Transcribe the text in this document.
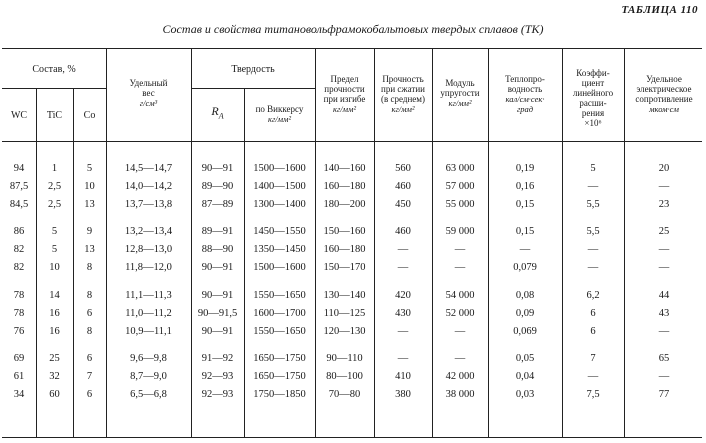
ТАБЛИЦА 110
Состав и свойства титановольфрамокобальтовых твердых сплавов (ТК)
Состав, %
WC	TiC	Co
Удельный
вес
г/см³
Твердость
$R_A$
по Виккерсу
кг/мм²
Предел
прочности
при изгибе
кг/мм²
Прочность
при сжатии
(в среднем)
кг/мм²
Модуль
упругости
кг/мм²
Теплопро-
водность
кал/см·сек·
град
Коэффи-
циент
линейного
расши-
рения
×10⁶
Удельное
электрическое
сопротивление
мком·см
94	1	5	14,5—14,7	90—91	1500—1600	140—160	560	63 000	0,19	5	20
87,5	2,5	10	14,0—14,2	89—90	1400—1500	160—180	460	57 000	0,16	—	—
84,5	2,5	13	13,7—13,8	87—89	1300—1400	180—200	450	55 000	0,15	5,5	23
86	5	9	13,2—13,4	89—91	1450—1550	150—160	460	59 000	0,15	5,5	25
82	5	13	12,8—13,0	88—90	1350—1450	160—180	—	—	—	—	—
82	10	8	11,8—12,0	90—91	1500—1600	150—170	—	—	0,079	—	—
78	14	8	11,1—11,3	90—91	1550—1650	130—140	420	54 000	0,08	6,2	44
78	16	6	11,0—11,2	90—91,5	1600—1700	110—125	430	52 000	0,09	6	43
76	16	8	10,9—11,1	90—91	1550—1650	120—130	—	—	0,069	6	—
69	25	6	9,6—9,8	91—92	1650—1750	90—110	—	—	0,05	7	65
61	32	7	8,7—9,0	92—93	1650—1750	80—100	410	42 000	0,04	—	—
34	60	6	6,5—6,8	92—93	1750—1850	70—80	380	38 000	0,03	7,5	77
